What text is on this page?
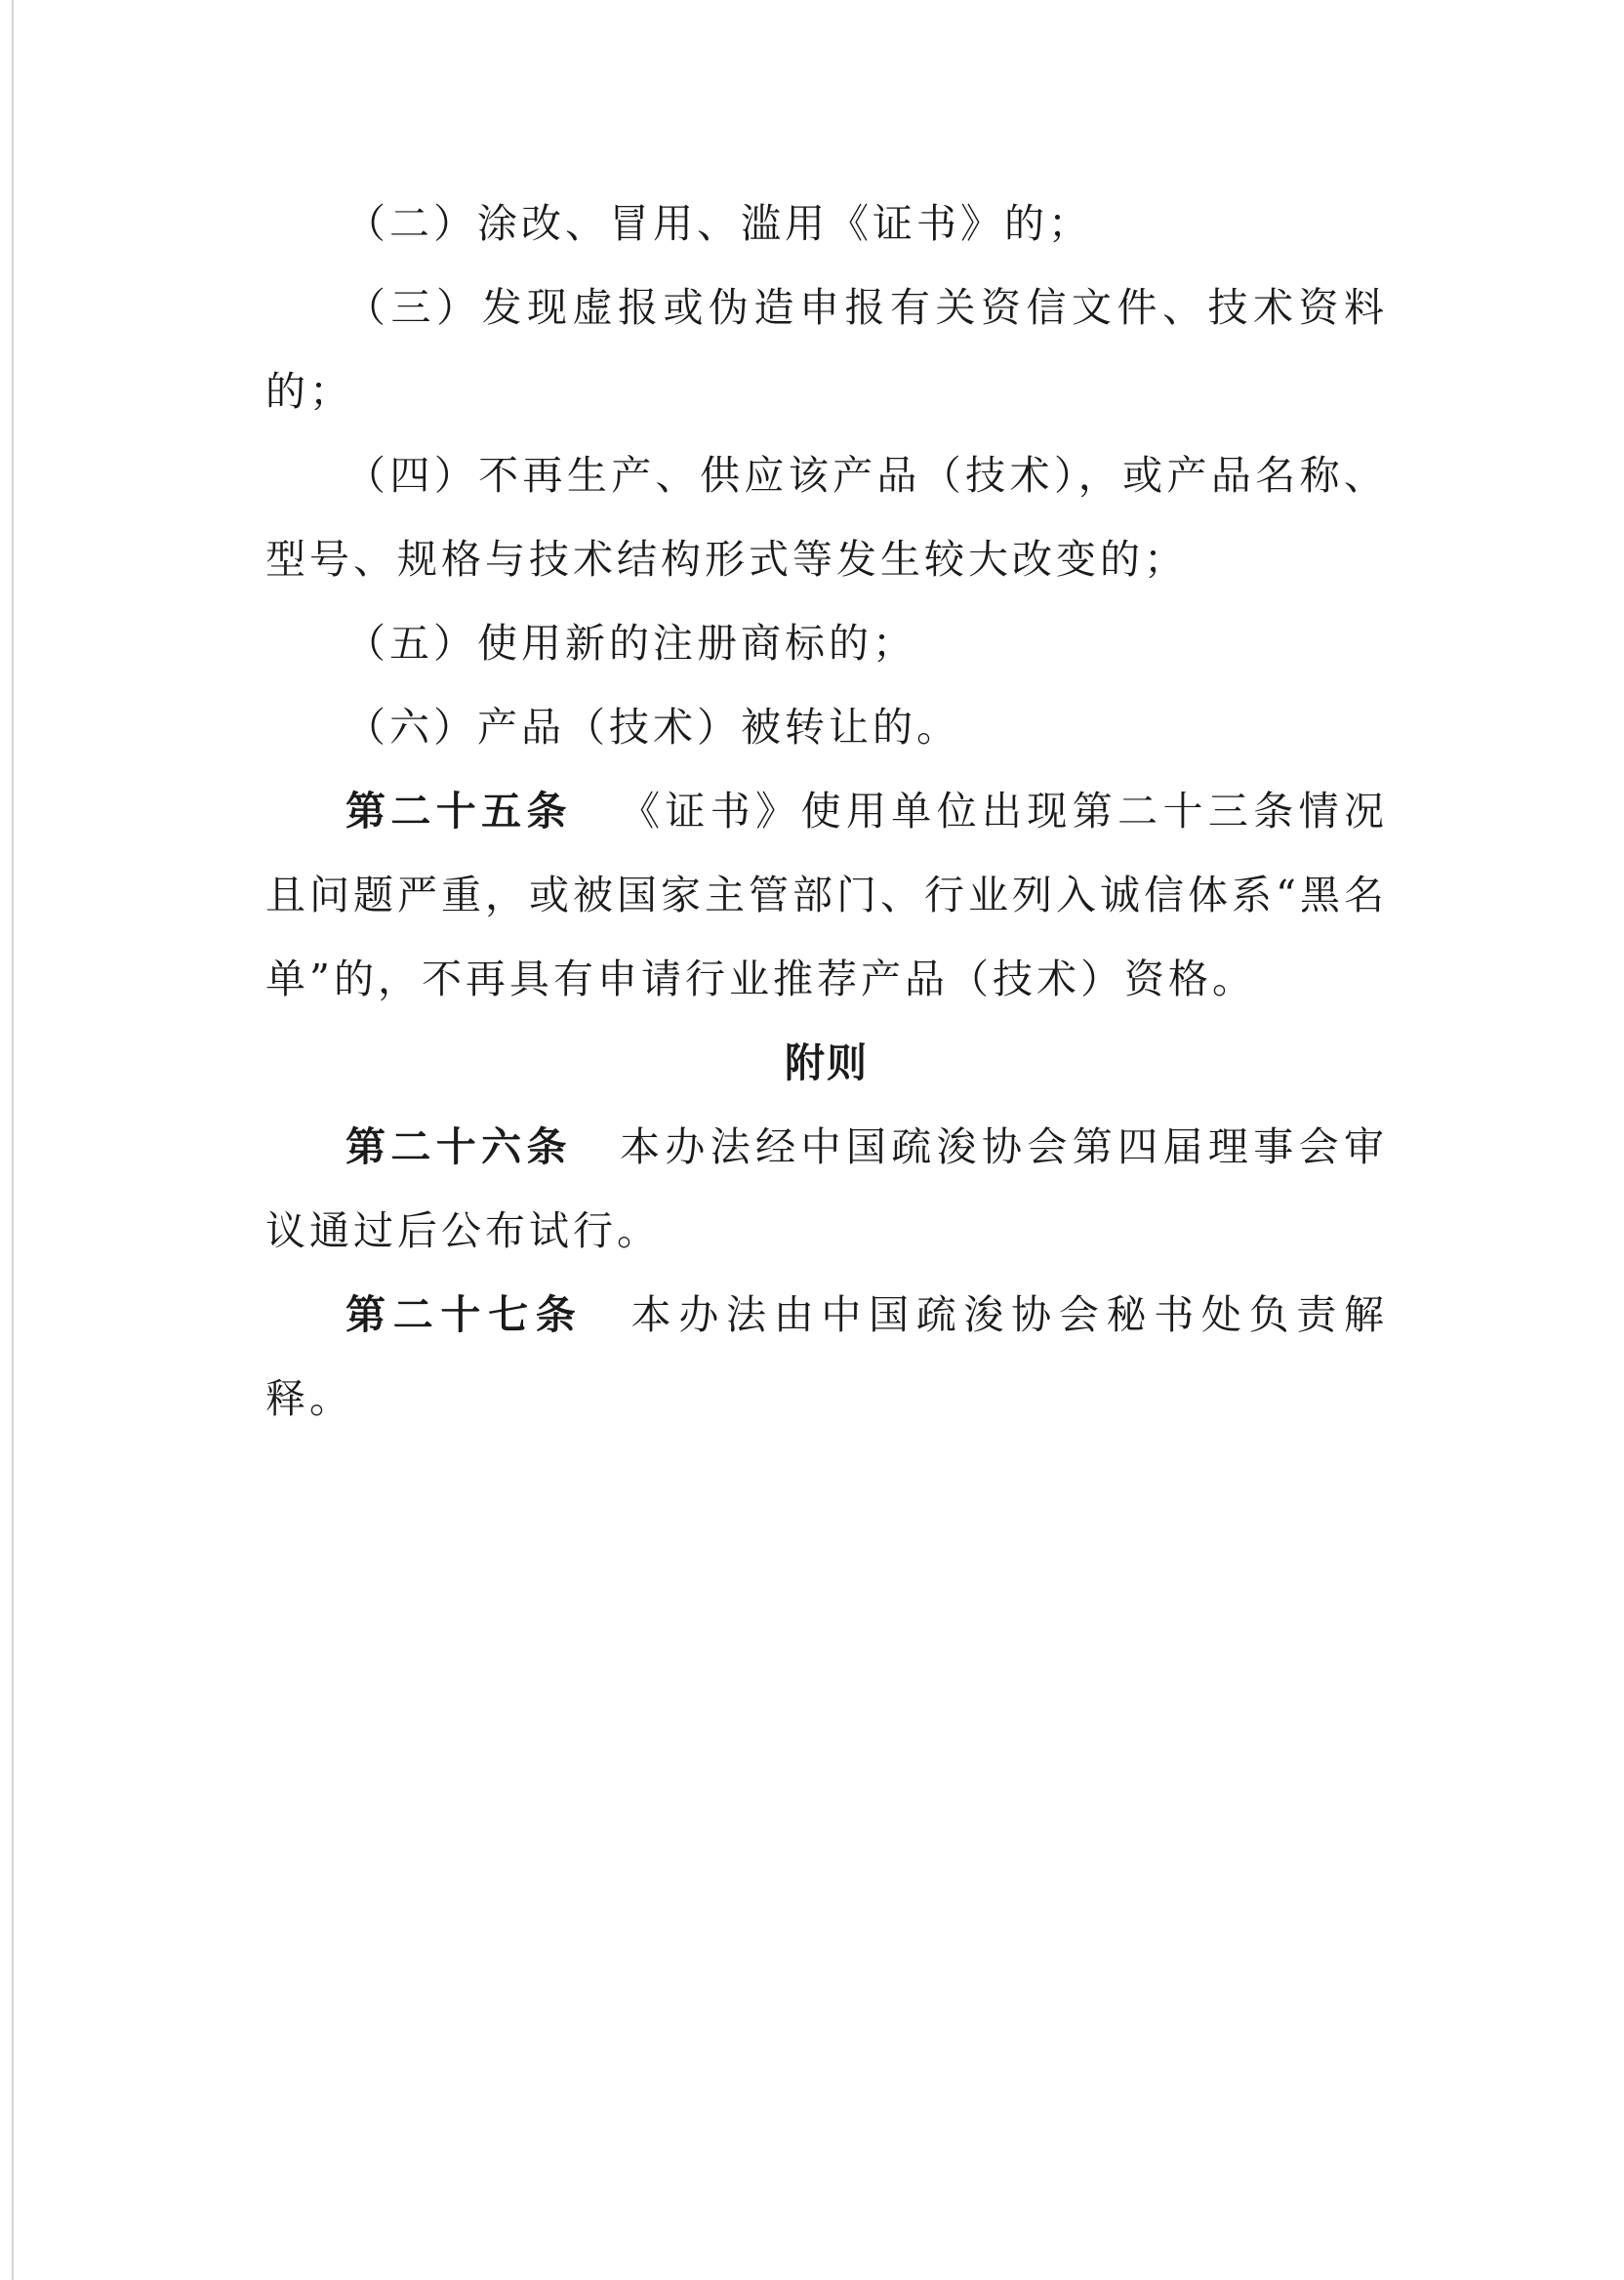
（二）涂改、冒用、滥用《证书》的；

（三）发现虚报或伪造申报有关资信文件、技术资料的；

（四）不再生产、供应该产品（技术），或产品名称、型号、规格与技术结构形式等发生较大改变的；

（五）使用新的注册商标的；

（六）产品（技术）被转让的。

第二十五条 《证书》使用单位出现第二十三条情况且问题严重，或被国家主管部门、行业列入诚信体系“黑名单”的，不再具有申请行业推荐产品（技术）资格。

附则

第二十六条 本办法经中国疏浚协会第四届理事会审议通过后公布试行。

第二十七条 本办法由中国疏浚协会秘书处负责解释。
